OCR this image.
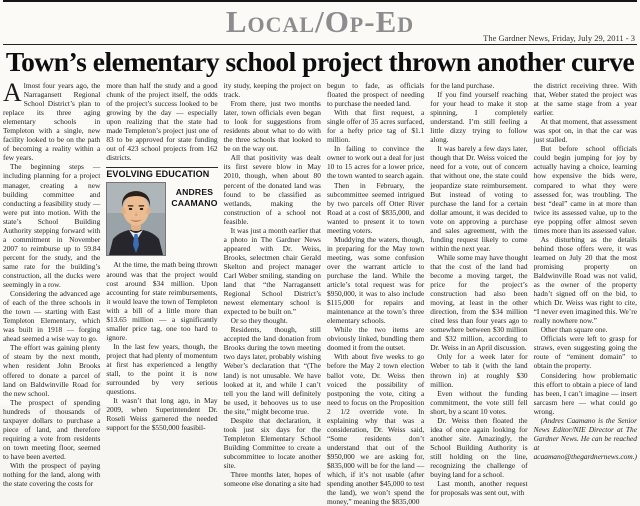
Local/Op-Ed	The Gardner News, Friday, July 29, 2011 - 3
Town’s elementary school project thrown another curve

Almost four years ago, the Narragansett Regional School District’s plan to replace its three aging elementary schools in Templeton with a single, new facility looked to be on the path of becoming a reality within a few years.

The beginning steps — including planning for a project manager, creating a new building committee and conducting a feasibility study — were put into motion. With the state’s School Building Authority stepping forward with a commitment in November 2007 to reimburse up to 59.84 percent for the study, and the same rate for the building’s construction, all the ducks were seemingly in a row.

Considering the advanced age of each of the three schools in the town — starting with East Templeton Elementary, which was built in 1918 — forging ahead seemed a wise way to go.

The effort was gaining plenty of steam by the next month, when resident John Brooks offered to donate a parcel of land on Baldwinville Road for the new school.

The prospect of spending hundreds of thousands of taxpayer dollars to purchase a piece of land, and therefore requiring a vote from residents on town meeting floor, seemed to have been averted.

With the prospect of paying nothing for the land, along with the state covering the costs for

more than half the study and a good chunk of the project itself, the odds of the project’s success looked to be growing by the day — especially upon realizing that the state had made Templeton’s project just one of 83 to be approved for state funding out of 423 school projects from 162 districts.

EVOLVING EDUCATION
ANDRES CAAMANO

At the time, the math being thrown around was that the project would cost around $34 million. Upon accounting for state reimbursements, it would leave the town of Templeton with a bill of a little more than $13.65 million — a significantly smaller price tag, one too hard to ignore.

In the last few years, though, the project that had plenty of momentum at first has experienced a lengthy stall, to the point it is now surrounded by very serious questions.

It wasn’t that long ago, in May 2009, when Superintendent Dr. Roseli Weiss garnered the needed support for the $550,000 feasibil-

ity study, keeping the project on track.

From there, just two months later, town officials even began to look for suggestions from residents about what to do with the three schools that looked to be on the way out.

All that positivity was dealt its first severe blow in May 2010, though, when about 80 percent of the donated land was found to be classified as wetlands, making the construction of a school not feasible.

It was just a month earlier that a photo in The Gardner News appeared with Dr. Weiss, Brooks, selectmen chair Gerald Skelton and project manager Carl Weber smiling, standing on land that “the Narragansett Regional School District’s newest elementary school is expected to be built on.”

Or so they thought.

Residents, though, still accepted the land donation from Brooks during the town meeting two days later, probably wishing Weber’s declaration that “(The land) is not unusable. We have looked at it, and while I can’t tell you the land will definitely be used, it behooves us to use the site,” might become true.

Despite that declaration, it took just six days for the Templeton Elementary School Building Committee to create a subcommittee to locate another site.

Three months later, hopes of someone else donating a site had

begun to fade, as officials floated the prospect of needing to purchase the needed land.

With that first request, a single offer of 35 acres surfaced, for a hefty price tag of $1.1 million.

In failing to convince the owner to work out a deal for just 10 to 15 acres for a lower price, the town wanted to search again.

Then in February, the subcommittee seemed intrigued by two parcels off Otter River Road at a cost of $835,000, and wanted to present it to town meeting voters.

Muddying the waters, though, in preparing for the May town meeting, was some confusion over the warrant article to purchase the land. While the article’s total request was for $950,000, it was to also include $115,000 for repairs and maintenance at the town’s three elementary schools.

While the two items are obviously linked, bundling them doomed it from the outset.

With about five weeks to go before the May 2 town election ballot vote, Dr. Weiss then voiced the possibility of postponing the vote, citing a need to focus on the Proposition 2 1/2 override vote. In explaining why that was a consideration, Dr. Weiss said, “Some residents don’t understand that out of the $950,000 we are asking for, $835,000 will be for the land — which, if it’s not usable (after spending another $45,000 to test the land), we won’t spend the money,” meaning the $835,000

for the land purchase.

If you find yourself reaching for your head to make it stop spinning, I completely understand. I’m still feeling a little dizzy trying to follow along.

It was barely a few days later, though that Dr. Weiss voiced the need for a vote, out of concern that without one, the state could jeopardize state reimbursement. But instead of voting to purchase the land for a certain dollar amount, it was decided to vote on approving a purchase and sales agreement, with the funding request likely to come within the next year.

While some may have thought that the cost of the land had become a moving target, the price for the project’s construction had also been moving, at least in the other direction, from the $34 million cited less than four years ago to somewhere between $30 million and $32 million, according to Dr. Weiss in an April discussion.

Only for a week later for Weber to tab it (with the land thrown in) at roughly $30 million.

Even without the funding commitment, the vote still fell short, by a scant 10 votes.

Dr. Weiss then floated the idea of once again looking for another site. Amazingly, the School Building Authority is still holding on the line, recognizing the challenge of buying land for a school.

Last month, another request for proposals was sent out, with

the district receiving three. With that, Weber stated the project was at the same stage from a year earlier.

At that moment, that assessment was spot on, in that the car was just stalled.

But before school officials could begin jumping for joy by actually having a choice, learning how expensive the bids were, compared to what they were assessed for, was troubling. The best “deal” came in at more than twice its assessed value, up to the eye popping offer almost seven times more than its assessed value.

As disturbing as the details behind those offers were, it was learned on July 20 that the most promising property on Baldwinville Road was not valid, as the owner of the property hadn’t signed off on the bid, to which Dr. Weiss was right to cite, “I never even imagined this. We’re really nowhere now.”

Other than square one.

Officials were left to grasp for straws, even suggesting going the route of “eminent domain” to obtain the property.

Considering how problematic this effort to obtain a piece of land has been, I can’t imagine — insert sarcasm here — what could go wrong.

(Andres Caamano is the Senior News Editor/NIE Director at The Gardner News. He can be reached at acaamano@thegardnernews.com.)
